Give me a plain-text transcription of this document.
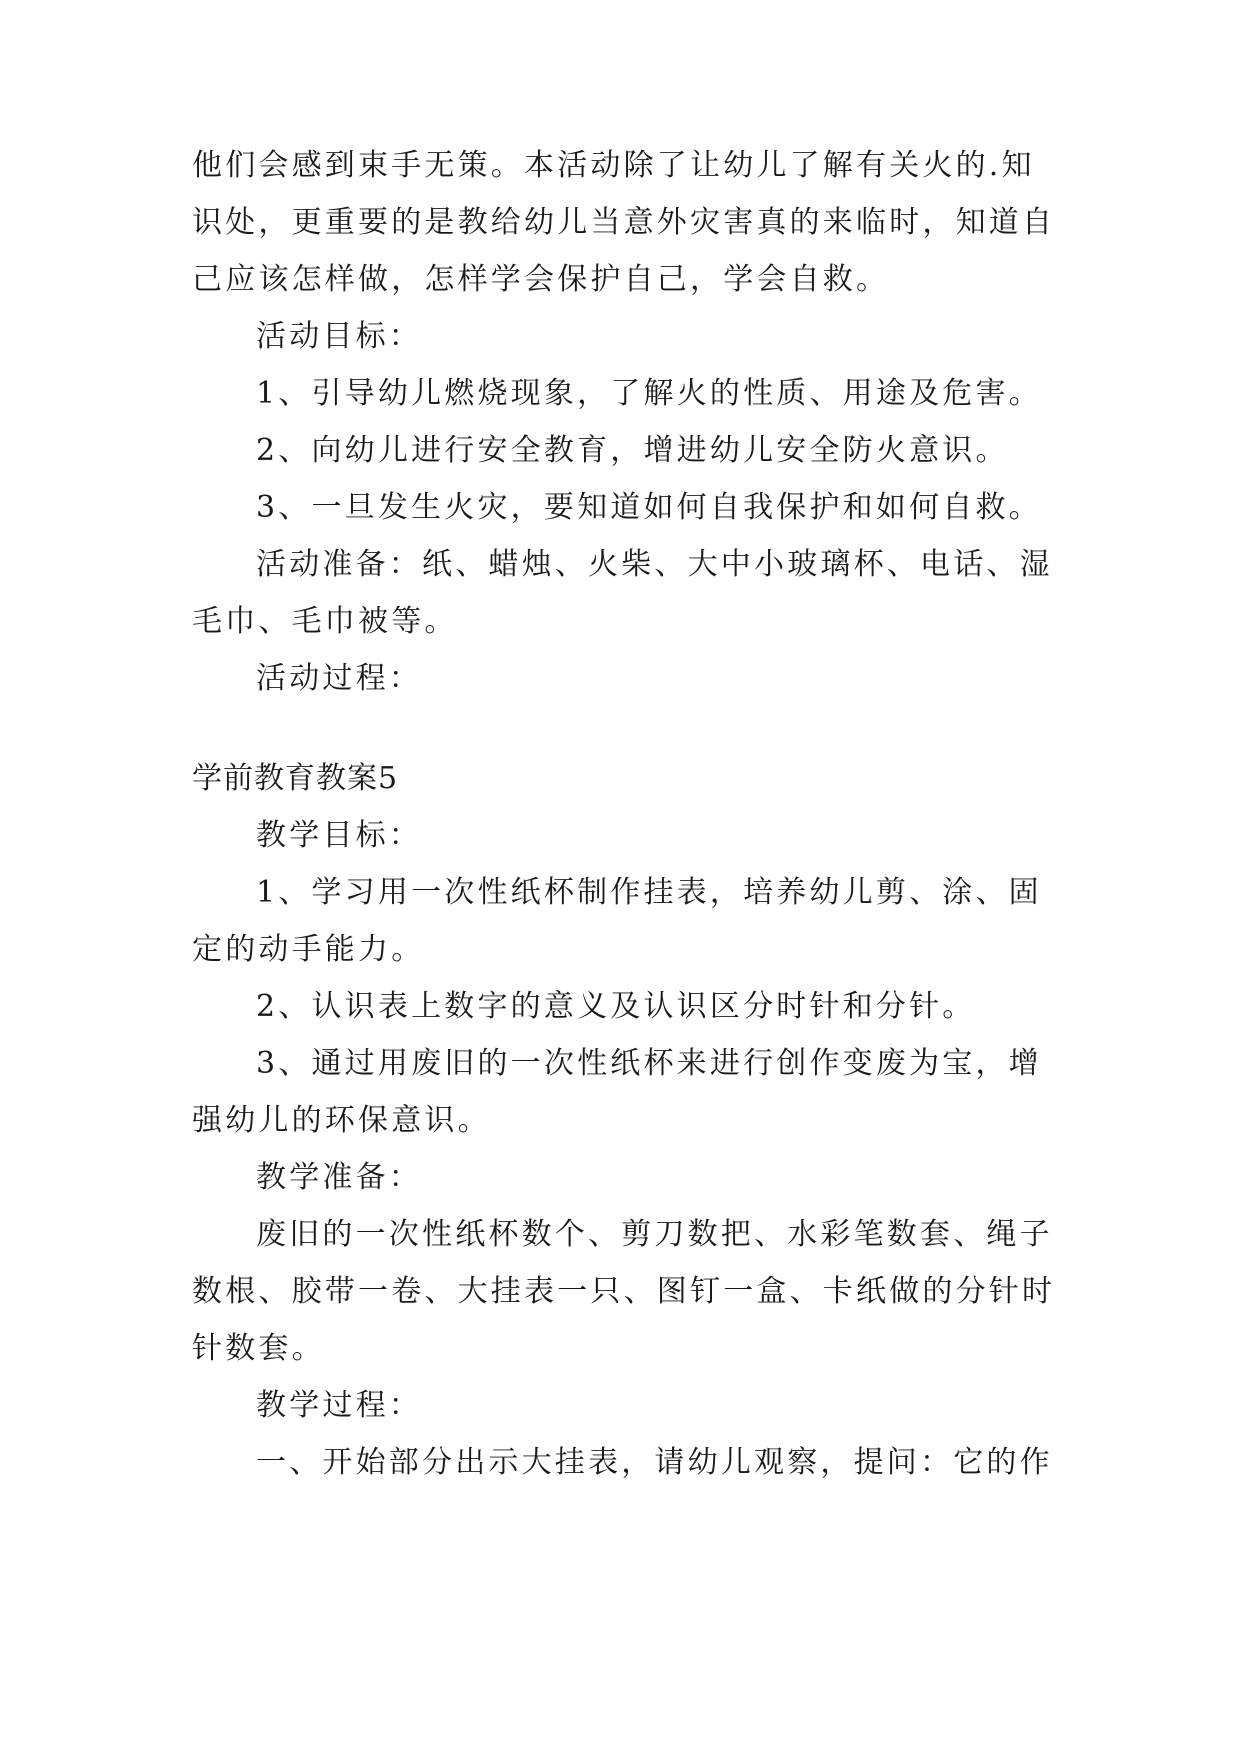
他们会感到束手无策。本活动除了让幼儿了解有关火的.知
识处，更重要的是教给幼儿当意外灾害真的来临时，知道自
己应该怎样做，怎样学会保护自己，学会自救。
活动目标：
1、引导幼儿燃烧现象，了解火的性质、用途及危害。
2、向幼儿进行安全教育，增进幼儿安全防火意识。
3、一旦发生火灾，要知道如何自我保护和如何自救。
活动准备：纸、蜡烛、火柴、大中小玻璃杯、电话、湿
毛巾、毛巾被等。
活动过程：
学前教育教案5
教学目标：
1、学习用一次性纸杯制作挂表，培养幼儿剪、涂、固
定的动手能力。
2、认识表上数字的意义及认识区分时针和分针。
3、通过用废旧的一次性纸杯来进行创作变废为宝，增
强幼儿的环保意识。
教学准备：
废旧的一次性纸杯数个、剪刀数把、水彩笔数套、绳子
数根、胶带一卷、大挂表一只、图钉一盒、卡纸做的分针时
针数套。
教学过程：
一、开始部分出示大挂表，请幼儿观察，提问：它的作
